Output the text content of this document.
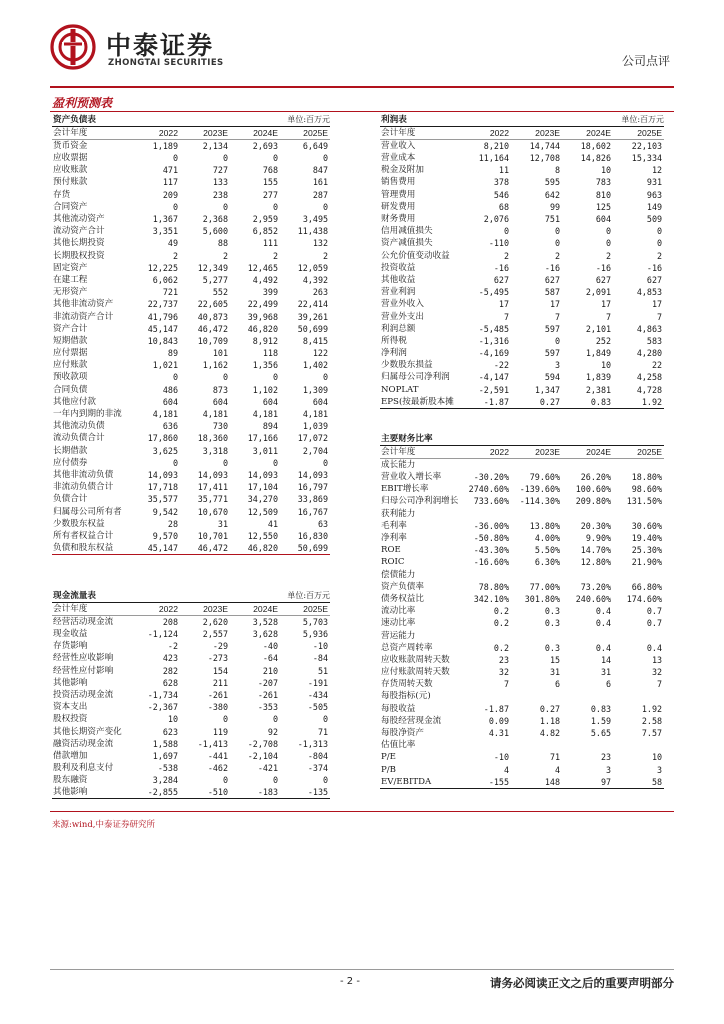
中泰证券
ZHONGTAI SECURITIES	公司点评
盈利预测表
资产负债表			单位:百万元	
会计年度	2022	2023E	2024E	2025E
货币资金	1,189	2,134	2,693	6,649
应收票据	0	0	0	0
应收账款	471	727	768	847
预付账款	117	133	155	161
存货	209	238	277	287
合同资产	0	0	0	0
其他流动资产	1,367	2,368	2,959	3,495
流动资产合计	3,351	5,600	6,852	11,438
其他长期投资	49	88	111	132
长期股权投资	2	2	2	2
固定资产	12,225	12,349	12,465	12,059
在建工程	6,062	5,277	4,492	4,392
无形资产	721	552	399	263
其他非流动资产	22,737	22,605	22,499	22,414
非流动资产合计	41,796	40,873	39,968	39,261
资产合计	45,147	46,472	46,820	50,699
短期借款	10,843	10,709	8,912	8,415
应付票据	89	101	118	122
应付账款	1,021	1,162	1,356	1,402
预收款项	0	0	0	0
合同负债	486	873	1,102	1,309
其他应付款	604	604	604	604
一年内到期的非流	4,181	4,181	4,181	4,181
其他流动负债	636	730	894	1,039
流动负债合计	17,860	18,360	17,166	17,072
长期借款	3,625	3,318	3,011	2,704
应付债券	0	0	0	0
其他非流动负债	14,093	14,093	14,093	14,093
非流动负债合计	17,718	17,411	17,104	16,797
负债合计	35,577	35,771	34,270	33,869
归属母公司所有者	9,542	10,670	12,509	16,767
少数股东权益	28	31	41	63
所有者权益合计	9,570	10,701	12,550	16,830
负债和股东权益	45,147	46,472	46,820	50,699
利润表			单位:百万元	
会计年度	2022	2023E	2024E	2025E
营业收入	8,210	14,744	18,602	22,103
营业成本	11,164	12,708	14,826	15,334
税金及附加	11	8	10	12
销售费用	378	595	783	931
管理费用	546	642	810	963
研发费用	68	99	125	149
财务费用	2,076	751	604	509
信用减值损失	0	0	0	0
资产减值损失	-110	0	0	0
公允价值变动收益	2	2	2	2
投资收益	-16	-16	-16	-16
其他收益	627	627	627	627
营业利润	-5,495	587	2,091	4,853
营业外收入	17	17	17	17
营业外支出	7	7	7	7
利润总额	-5,485	597	2,101	4,863
所得税	-1,316	0	252	583
净利润	-4,169	597	1,849	4,280
少数股东损益	-22	3	10	22
归属母公司净利润	-4,147	594	1,839	4,258
NOPLAT	-2,591	1,347	2,381	4,728
EPS(按最新股本摊	-1.87	0.27	0.83	1.92
主要财务比率				
会计年度	2022	2023E	2024E	2025E
成长能力				
营业收入增长率	-30.20%	79.60%	26.20%	18.80%
EBIT增长率	2740.60%	-139.60%	100.60%	98.60%
归母公司净利润增长	733.60%	-114.30%	209.80%	131.50%
获利能力				
毛利率	-36.00%	13.80%	20.30%	30.60%
净利率	-50.80%	4.00%	9.90%	19.40%
ROE	-43.30%	5.50%	14.70%	25.30%
ROIC	-16.60%	6.30%	12.80%	21.90%
偿债能力				
资产负债率	78.80%	77.00%	73.20%	66.80%
债务权益比	342.10%	301.80%	240.60%	174.60%
流动比率	0.2	0.3	0.4	0.7
速动比率	0.2	0.3	0.4	0.7
营运能力				
总资产周转率	0.2	0.3	0.4	0.4
应收账款周转天数	23	15	14	13
应付账款周转天数	32	31	31	32
存货周转天数	7	6	6	7
每股指标(元)				
每股收益	-1.87	0.27	0.83	1.92
每股经营现金流	0.09	1.18	1.59	2.58
每股净资产	4.31	4.82	5.65	7.57
估值比率				
P/E	-10	71	23	10
P/B	4	4	3	3
EV/EBITDA	-155	148	97	58
现金流量表			单位:百万元	
会计年度	2022	2023E	2024E	2025E
经营活动现金流	208	2,620	3,528	5,703
现金收益	-1,124	2,557	3,628	5,936
存货影响	-2	-29	-40	-10
经营性应收影响	423	-273	-64	-84
经营性应付影响	282	154	210	51
其他影响	628	211	-207	-191
投资活动现金流	-1,734	-261	-261	-434
资本支出	-2,367	-380	-353	-505
股权投资	10	0	0	0
其他长期资产变化	623	119	92	71
融资活动现金流	1,588	-1,413	-2,708	-1,313
借款增加	1,697	-441	-2,104	-804
股利及利息支付	-538	-462	-421	-374
股东融资	3,284	0	0	0
其他影响	-2,855	-510	-183	-135
来源:wind,中泰证券研究所
- 2 -	请务必阅读正文之后的重要声明部分
